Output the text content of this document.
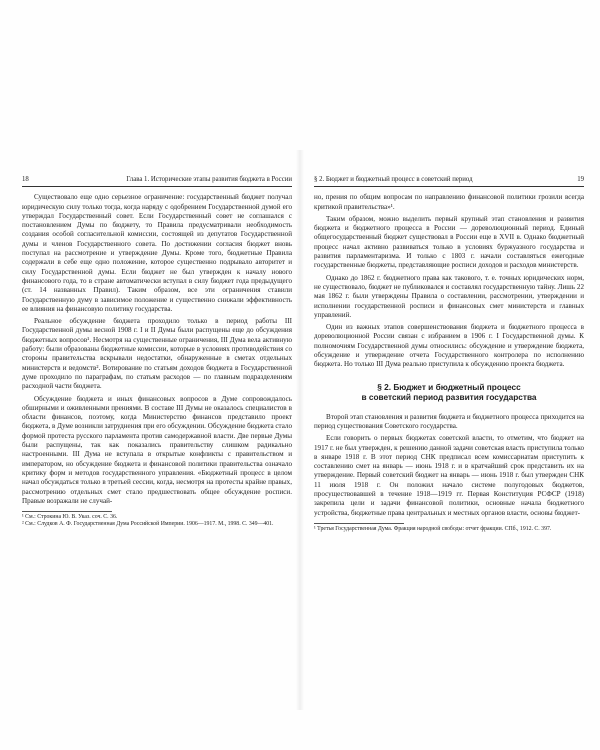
18	Глава 1. Исторические этапы развития бюджета в России

Существовало еще одно серьезное ограничение: государственный бюджет получал юридическую силу только тогда, когда наряду с одобрением Государственной думой его утверждал Государственный совет. Если Государственный совет не соглашался с постановлением Думы по бюджету, то Правила предусматривали необходимость создания особой согласительной комиссии, состоящей из депутатов Государственной думы и членов Государственного совета. По достижении согласия бюджет вновь поступал на рассмотрение и утверждение Думы. Кроме того, бюджетные Правила содержали в себе еще одно положение, которое существенно подрывало авторитет и силу Государственной думы. Если бюджет не был утвержден к началу нового финансового года, то в стране автоматически вступал в силу бюджет года предыдущего (ст. 14 названных Правил). Таким образом, все эти ограничения ставили Государственную думу в зависимое положение и существенно снижали эффективность ее влияния на финансовую политику государства.

Реальное обсуждение бюджета проходило только в период работы III Государственной думы весной 1908 г. I и II Думы были распущены еще до обсуждения бюджетных вопросов¹. Несмотря на существенные ограничения, III Дума вела активную работу: были образованы бюджетные комиссии, которые в условиях противодействия со стороны правительства вскрывали недостатки, обнаруженные в сметах отдельных министерств и ведомств². Вотирование по статьям доходов бюджета в Государственной думе проходило по параграфам, по статьям расходов — по главным подразделениям расходной части бюджета.

Обсуждение бюджета и иных финансовых вопросов в Думе сопровождалось обширными и оживленными прениями. В составе III Думы не оказалось специалистов в области финансов, поэтому, когда Министерство финансов представило проект бюджета, в Думе возникли затруднения при его обсуждении. Обсуждение бюджета стало формой протеста русского парламента против самодержавной власти. Две первые Думы были распущены, так как показались правительству слишком радикально настроенными. III Дума не вступала в открытые конфликты с правительством и императором, но обсуждение бюджета и финансовой политики правительства означало критику форм и методов государственного управления. «Бюджетный процесс в целом начал обсуждаться только в третьей сессии, когда, несмотря на протесты крайне правых, рассмотрению отдельных смет стало предшествовать общее обсуждение росписи. Правые возражали не случай-

¹ См.: Строкина Ю. В. Указ. соч. С. 36.

² См.: Слудков А. Ф. Государственная Дума Российской Империи. 1906—1917. М., 1998. С. 349—401.

§ 2. Бюджет и бюджетный процесс в советский период	19

но, прения по общим вопросам по направлению финансовой политики грозили всегда критикой правительства»¹.

Таким образом, можно выделить первый крупный этап становления и развития бюджета и бюджетного процесса в России — дореволюционный период. Единый общегосударственный бюджет существовал в России еще в XVII в. Однако бюджетный процесс начал активно развиваться только в условиях буржуазного государства и развития парламентаризма. И только с 1803 г. начали составляться ежегодные государственные бюджеты, представляющие росписи доходов и расходов министерств.

Однако до 1862 г. бюджетного права как такового, т. е. точных юридических норм, не существовало, бюджет не публиковался и составлял государственную тайну. Лишь 22 мая 1862 г. были утверждены Правила о составлении, рассмотрении, утверждении и исполнении государственной росписи и финансовых смет министерств и главных управлений.

Один из важных этапов совершенствования бюджета и бюджетного процесса в дореволюционной России связан с избранием в 1906 г. I Государственной думы. К полномочиям Государственной думы относились: обсуждение и утверждение бюджета, обсуждение и утверждение отчета Государственного контролера по исполнению бюджета. Но только III Дума реально приступила к обсуждению проекта бюджета.

§ 2. Бюджет и бюджетный процесс
в советский период развития государства

Второй этап становления и развития бюджета и бюджетного процесса приходится на период существования Советского государства.

Если говорить о первых бюджетах советской власти, то отметим, что бюджет на 1917 г. не был утвержден, к решению данной задачи советская власть приступила только в январе 1918 г. В этот период СНК предписал всем комиссариатам приступить к составлению смет на январь — июнь 1918 г. и в кратчайший срок представить их на утверждение. Первый советский бюджет на январь — июнь 1918 г. был утвержден СНК 11 июля 1918 г. Он положил начало системе полугодовых бюджетов, просуществовавшей в течение 1918—1919 гг. Первая Конституция РСФСР (1918) закрепила цели и задачи финансовой политики, основные начала бюджетного устройства, бюджетные права центральных и местных органов власти, основы бюджет-

¹ Третья Государственная Дума. Фракция народной свободы: отчет фракции. СПб., 1912. С. 397.
